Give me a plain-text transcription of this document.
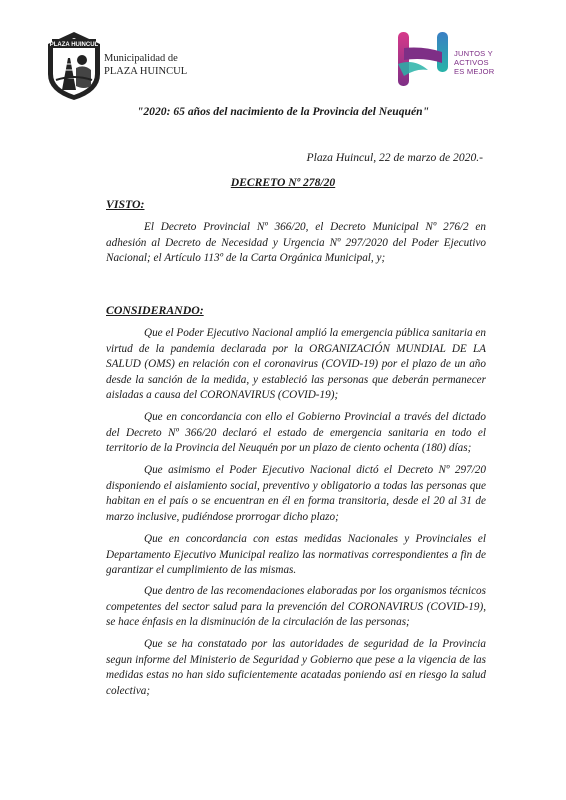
PLAZA HUINCUL
Municipalidad de
PLAZA HUINCUL
JUNTOS Y
ACTIVOS
ES MEJOR
"2020: 65 años del nacimiento de la Provincia del Neuquén"
Plaza Huincul, 22 de marzo de 2020.-
DECRETO Nº 278/20
VISTO:

El Decreto Provincial Nº 366/20, el Decreto Municipal Nº 276/2 en adhesión al Decreto de Necesidad y Urgencia Nº 297/2020 del Poder Ejecutivo Nacional; el Artículo 113º de la Carta Orgánica Municipal, y;

CONSIDERANDO:

Que el Poder Ejecutivo Nacional amplió la emergencia pública sanitaria en virtud de la pandemia declarada por la ORGANIZACIÓN MUNDIAL DE LA SALUD (OMS) en relación con el coronavirus (COVID-19) por el plazo de un año desde la sanción de la medida, y estableció las personas que deberán permanecer aisladas a causa del CORONAVIRUS (COVID-19);

Que en concordancia con ello el Gobierno Provincial a través del dictado del Decreto Nº 366/20 declaró el estado de emergencia sanitaria en todo el territorio de la Provincia del Neuquén por un plazo de ciento ochenta (180) días;

Que asimismo el Poder Ejecutivo Nacional dictó el Decreto Nº 297/20 disponiendo el aislamiento social, preventivo y obligatorio a todas las personas que habitan en el país o se encuentran en él en forma transitoria, desde el 20 al 31 de marzo inclusive, pudiéndose prorrogar dicho plazo;

Que en concordancia con estas medidas Nacionales y Provinciales el Departamento Ejecutivo Municipal realizo las normativas correspondientes a fin de garantizar el cumplimiento de las mismas.

Que dentro de las recomendaciones elaboradas por los organismos técnicos competentes del sector salud para la prevención del CORONAVIRUS (COVID-19), se hace énfasis en la disminución de la circulación de las personas;

Que se ha constatado por las autoridades de seguridad de la Provincia segun informe del Ministerio de Seguridad y Gobierno que pese a la vigencia de las medidas estas no han sido suficientemente acatadas poniendo asi en riesgo la salud colectiva;
